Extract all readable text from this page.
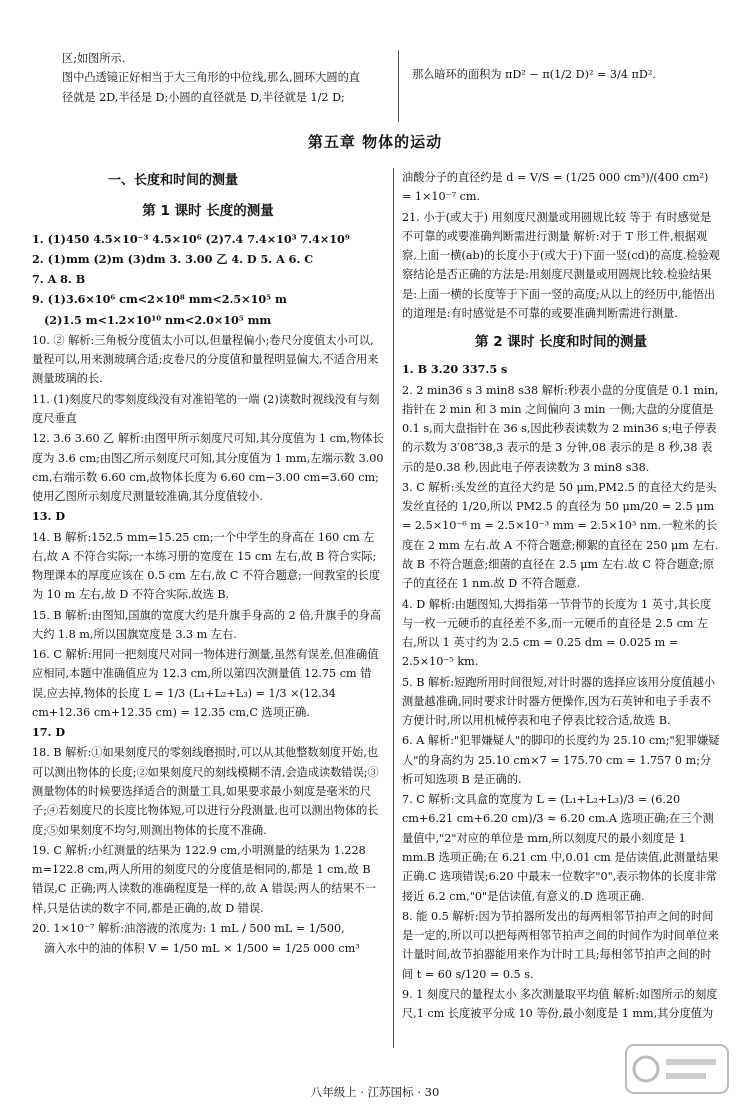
区;如图所示.

图中凸透镜正好相当于大三角形的中位线,那么,圆环大圆的直

径就是 2D,半径是 D;小圆的直径就是 D,半径就是 1/2 D;

那么暗环的面积为 πD² − π(1/2 D)² = 3/4 πD².

第五章 物体的运动
一、长度和时间的测量
第 1 课时 长度的测量

1. (1)450 4.5×10⁻³ 4.5×10⁶ (2)7.4 7.4×10³ 7.4×10⁹

2. (1)mm (2)m (3)dm 3. 3.00 乙 4. D 5. A 6. C

7. A 8. B

9. (1)3.6×10⁶ cm<2×10⁸ mm<2.5×10⁵ m

(2)1.5 m<1.2×10¹⁰ nm<2.0×10⁵ mm

10. ② 解析:三角板分度值太小可以,但量程偏小;卷尺分度值太小可以,量程可以,用来测玻璃合适;皮卷尺的分度值和量程明显偏大,不适合用来测量玻璃的长.

11. (1)刻度尺的零刻度线没有对准铅笔的一端 (2)读数时视线没有与刻度尺垂直

12. 3.6 3.60 乙 解析:由图甲所示刻度尺可知,其分度值为 1 cm,物体长度为 3.6 cm;由图乙所示刻度尺可知,其分度值为 1 mm,左端示数 3.00 cm,右端示数 6.60 cm,故物体长度为 6.60 cm−3.00 cm=3.60 cm;使用乙图所示刻度尺测量较准确,其分度值较小.

13. D

14. B 解析:152.5 mm=15.25 cm;一个中学生的身高在 160 cm 左右,故 A 不符合实际;一本练习册的宽度在 15 cm 左右,故 B 符合实际;物理课本的厚度应该在 0.5 cm 左右,故 C 不符合题意;一间教室的长度为 10 m 左右,故 D 不符合实际.故选 B.

15. B 解析:由图知,国旗的宽度大约是升旗手身高的 2 倍,升旗手的身高大约 1.8 m,所以国旗宽度是 3.3 m 左右.

16. C 解析:用同一把刻度尺对同一物体进行测量,虽然有误差,但准确值应相同,本题中准确值应为 12.3 cm,所以第四次测量值 12.75 cm 错误,应去掉,物体的长度 L = 1/3 (L₁+L₂+L₃) = 1/3 ×(12.34 cm+12.36 cm+12.35 cm) = 12.35 cm,C 选项正确.

17. D

18. B 解析:①如果刻度尺的零刻线磨损时,可以从其他整数刻度开始,也可以测出物体的长度;②如果刻度尺的刻线模糊不清,会造成读数错误;③测量物体的时候要选择适合的测量工具,如果要求最小刻度是毫米的尺子;④若刻度尺的长度比物体短,可以进行分段测量,也可以测出物体的长度;⑤如果刻度不均匀,则测出物体的长度不准确.

19. C 解析:小红测量的结果为 122.9 cm,小明测量的结果为 1.228 m=122.8 cm,两人所用的刻度尺的分度值是相同的,都是 1 cm,故 B 错误,C 正确;两人读数的准确程度是一样的,故 A 错误;两人的结果不一样,只是估读的数字不同,都是正确的,故 D 错误.

20. 1×10⁻⁷ 解析:油溶液的浓度为: 1 mL / 500 mL = 1/500,

滴入水中的油的体积 V = 1/50 mL × 1/500 = 1/25 000 cm³

油酸分子的直径约是 d = V/S = (1/25 000 cm³)/(400 cm²) = 1×10⁻⁷ cm.

21. 小于(或大于) 用刻度尺测量或用圆规比较 等于 有时感觉是不可靠的或要准确判断需进行测量 解析:对于 T 形工件,根据观察,上面一横(ab)的长度小于(或大于)下面一竖(cd)的高度.检验观察结论是否正确的方法是:用刻度尺测量或用圆规比较.检验结果是:上面一横的长度等于下面一竖的高度;从以上的经历中,能悟出的道理是:有时感觉是不可靠的或要准确判断需进行测量.

第 2 课时 长度和时间的测量

1. B 3.20 337.5 s

2. 2 min36 s 3 min8 s38 解析:秒表小盘的分度值是 0.1 min,指针在 2 min 和 3 min 之间偏向 3 min 一侧;大盘的分度值是 0.1 s,而大盘指针在 36 s,因此秒表读数为 2 min36 s;电子停表的示数为 3′08″38,3 表示的是 3 分钟,08 表示的是 8 秒,38 表示的是0.38 秒,因此电子停表读数为 3 min8 s38.

3. C 解析:头发丝的直径大约是 50 μm,PM2.5 的直径大约是头发丝直径的 1/20,所以 PM2.5 的直径为 50 μm/20 = 2.5 μm = 2.5×10⁻⁶ m = 2.5×10⁻³ mm = 2.5×10³ nm.一粒米的长度在 2 mm 左右.故 A 不符合题意;柳絮的直径在 250 μm 左右.故 B 不符合题意;细菌的直径在 2.5 μm 左右.故 C 符合题意;原子的直径在 1 nm.故 D 不符合题意.

4. D 解析:由题图知,大拇指第一节骨节的长度为 1 英寸,其长度与一枚一元硬币的直径差不多,而一元硬币的直径是 2.5 cm 左右,所以 1 英寸约为 2.5 cm = 0.25 dm = 0.025 m = 2.5×10⁻⁵ km.

5. B 解析:短跑所用时间很短,对计时器的选择应该用分度值越小测量越准确,同时要求计时器方便操作,因为石英钟和电子手表不方便计时,所以用机械停表和电子停表比较合适,故选 B.

6. A 解析:"犯罪嫌疑人"的脚印的长度约为 25.10 cm;"犯罪嫌疑人"的身高约为 25.10 cm×7 = 175.70 cm = 1.757 0 m;分析可知选项 B 是正确的.

7. C 解析:文具盒的宽度为 L = (L₁+L₂+L₃)/3 = (6.20 cm+6.21 cm+6.20 cm)/3 ≈ 6.20 cm.A 选项正确;在三个测量值中,"2"对应的单位是 mm,所以刻度尺的最小刻度是 1 mm.B 选项正确;在 6.21 cm 中,0.01 cm 是估读值,此测量结果正确.C 选项错误;6.20 中最末一位数字"0",表示物体的长度非常接近 6.2 cm,"0"是估读值,有意义的.D 选项正确.

8. 能 0.5 解析:因为节拍器所发出的每两相邻节拍声之间的时间是一定的,所以可以把每两相邻节拍声之间的时间作为时间单位来计量时间,故节拍器能用来作为计时工具;每相邻节拍声之间的时间 t = 60 s/120 = 0.5 s.

9. 1 刻度尺的量程太小 多次测量取平均值 解析:如图所示的刻度尺,1 cm 长度被平分成 10 等份,最小刻度是 1 mm,其分度值为

八年级上 · 江苏国标 · 30
